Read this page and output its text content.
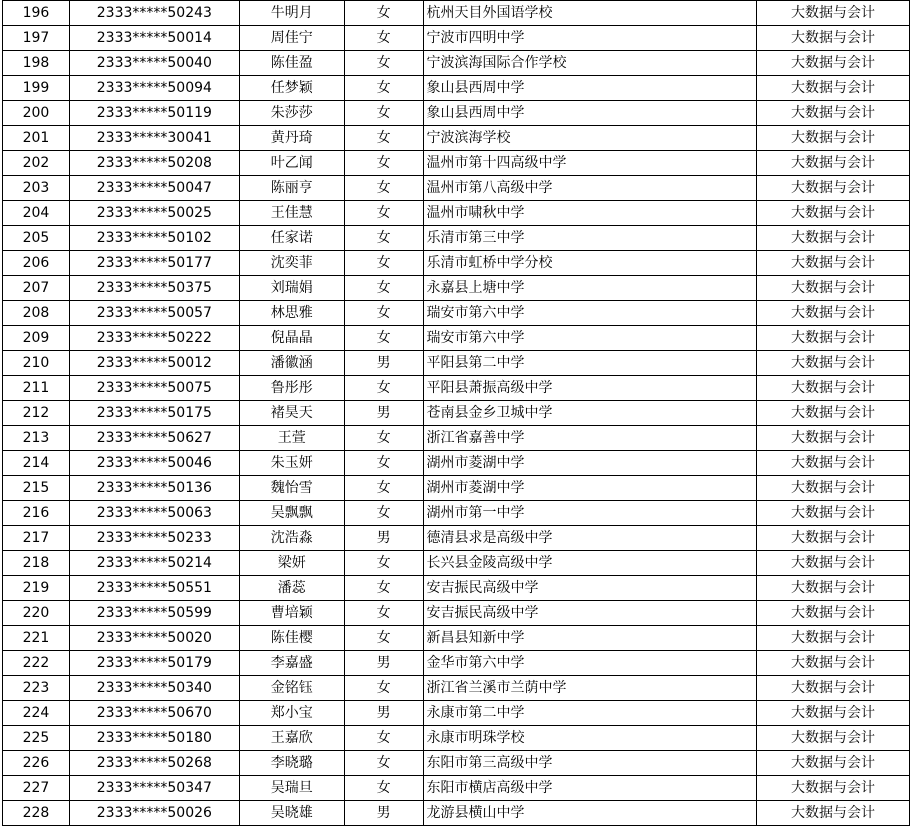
196	2333*****50243	牛明月	女	杭州天目外国语学校	大数据与会计
197	2333*****50014	周佳宁	女	宁波市四明中学	大数据与会计
198	2333*****50040	陈佳盈	女	宁波滨海国际合作学校	大数据与会计
199	2333*****50094	任梦颖	女	象山县西周中学	大数据与会计
200	2333*****50119	朱莎莎	女	象山县西周中学	大数据与会计
201	2333*****30041	黄丹琦	女	宁波滨海学校	大数据与会计
202	2333*****50208	叶乙闻	女	温州市第十四高级中学	大数据与会计
203	2333*****50047	陈丽亨	女	温州市第八高级中学	大数据与会计
204	2333*****50025	王佳慧	女	温州市啸秋中学	大数据与会计
205	2333*****50102	任家诺	女	乐清市第三中学	大数据与会计
206	2333*****50177	沈奕菲	女	乐清市虹桥中学分校	大数据与会计
207	2333*****50375	刘瑞娟	女	永嘉县上塘中学	大数据与会计
208	2333*****50057	林思雅	女	瑞安市第六中学	大数据与会计
209	2333*****50222	倪晶晶	女	瑞安市第六中学	大数据与会计
210	2333*****50012	潘徽涵	男	平阳县第二中学	大数据与会计
211	2333*****50075	鲁彤彤	女	平阳县萧振高级中学	大数据与会计
212	2333*****50175	褚昊天	男	苍南县金乡卫城中学	大数据与会计
213	2333*****50627	王萱	女	浙江省嘉善中学	大数据与会计
214	2333*****50046	朱玉妍	女	湖州市菱湖中学	大数据与会计
215	2333*****50136	魏怡雪	女	湖州市菱湖中学	大数据与会计
216	2333*****50063	吴飘飘	女	湖州市第一中学	大数据与会计
217	2333*****50233	沈浩淼	男	德清县求是高级中学	大数据与会计
218	2333*****50214	梁妍	女	长兴县金陵高级中学	大数据与会计
219	2333*****50551	潘蕊	女	安吉振民高级中学	大数据与会计
220	2333*****50599	曹培颖	女	安吉振民高级中学	大数据与会计
221	2333*****50020	陈佳樱	女	新昌县知新中学	大数据与会计
222	2333*****50179	李嘉盛	男	金华市第六中学	大数据与会计
223	2333*****50340	金铭钰	女	浙江省兰溪市兰荫中学	大数据与会计
224	2333*****50670	郑小宝	男	永康市第二中学	大数据与会计
225	2333*****50180	王嘉欣	女	永康市明珠学校	大数据与会计
226	2333*****50268	李晓璐	女	东阳市第三高级中学	大数据与会计
227	2333*****50347	吴瑞旦	女	东阳市横店高级中学	大数据与会计
228	2333*****50026	吴晓雄	男	龙游县横山中学	大数据与会计
